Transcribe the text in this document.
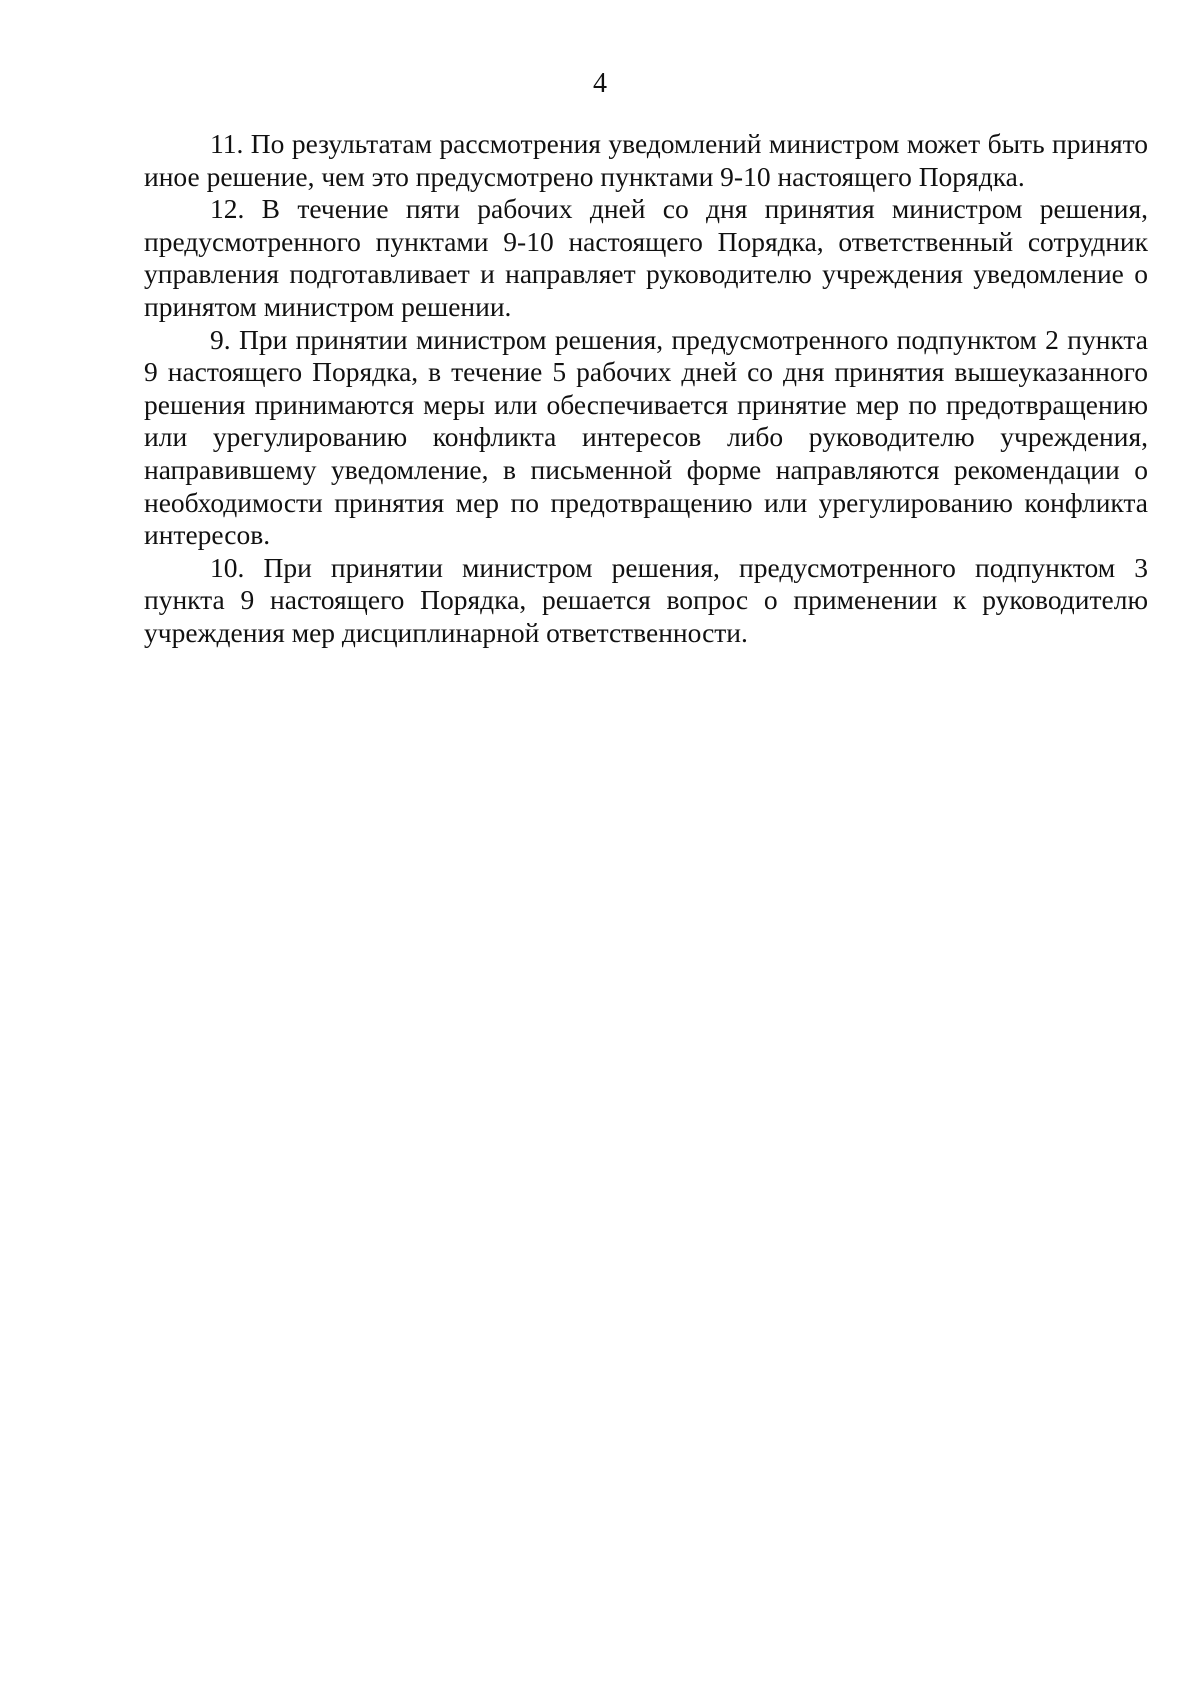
4

11. По результатам рассмотрения уведомлений министром может быть принято иное решение, чем это предусмотрено пунктами 9-10 настоящего Порядка.

12. В течение пяти рабочих дней со дня принятия министром решения, предусмотренного пунктами 9-10 настоящего Порядка, ответственный сотрудник управления подготавливает и направляет руководителю учреждения уведомление о принятом министром решении.

9. При принятии министром решения, предусмотренного подпунктом 2 пункта 9 настоящего Порядка, в течение 5 рабочих дней со дня принятия вышеуказанного решения принимаются меры или обеспечивается принятие мер по предотвращению или урегулированию конфликта интересов либо руководителю учреждения, направившему уведомление, в письменной форме направляются рекомендации о необходимости принятия мер по предотвращению или урегулированию конфликта интересов.

10. При принятии министром решения, предусмотренного подпунктом 3 пункта 9 настоящего Порядка, решается вопрос о применении к руководителю учреждения мер дисциплинарной ответственности.
